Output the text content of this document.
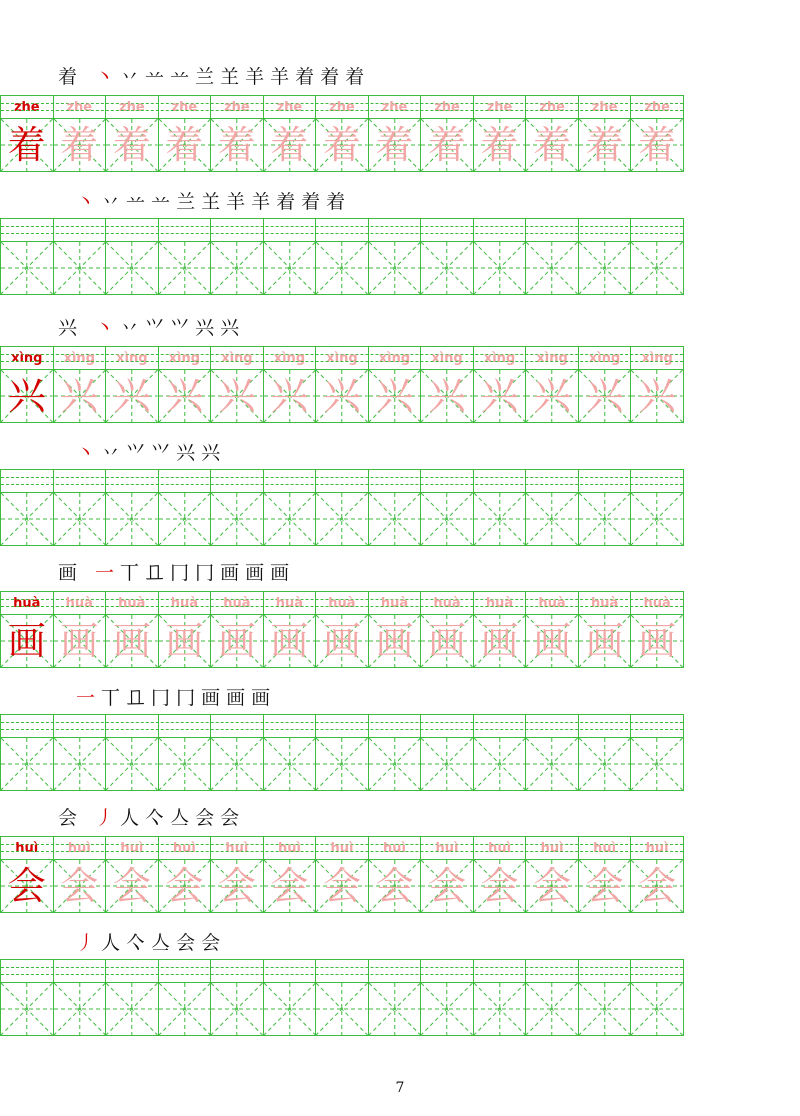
着 丶 丷 䒑 䒑 兰 𦍌 羊 羊 着 着 着
zhe	zhe	zhe	zhe	zhe	zhe	zhe	zhe	zhe	zhe	zhe	zhe	zhe
着 着 着 着 着 着 着 着 着 着 着 着 着
丶 丷 䒑 䒑 兰 𦍌 羊 羊 着 着 着
兴 丶 丷 ⺍ ⺍ 兴 兴
xìng	xìng	xìng	xìng	xìng	xìng	xìng	xìng	xìng	xìng	xìng	xìng	xìng
兴 兴 兴 兴 兴 兴 兴 兴 兴 兴 兴 兴 兴
丶 丷 ⺍ ⺍ 兴 兴
画 一 丅 𠀃 冂 冂 画 画 画
huà	huà	huà	huà	huà	huà	huà	huà	huà	huà	huà	huà	huà
画 画 画 画 画 画 画 画 画 画 画 画 画
一 丅 𠀃 冂 冂 画 画 画
会 丿 人 亽 亼 会 会
huì	huì	huì	huì	huì	huì	huì	huì	huì	huì	huì	huì	huì
会 会 会 会 会 会 会 会 会 会 会 会 会
丿 人 亽 亼 会 会
7
